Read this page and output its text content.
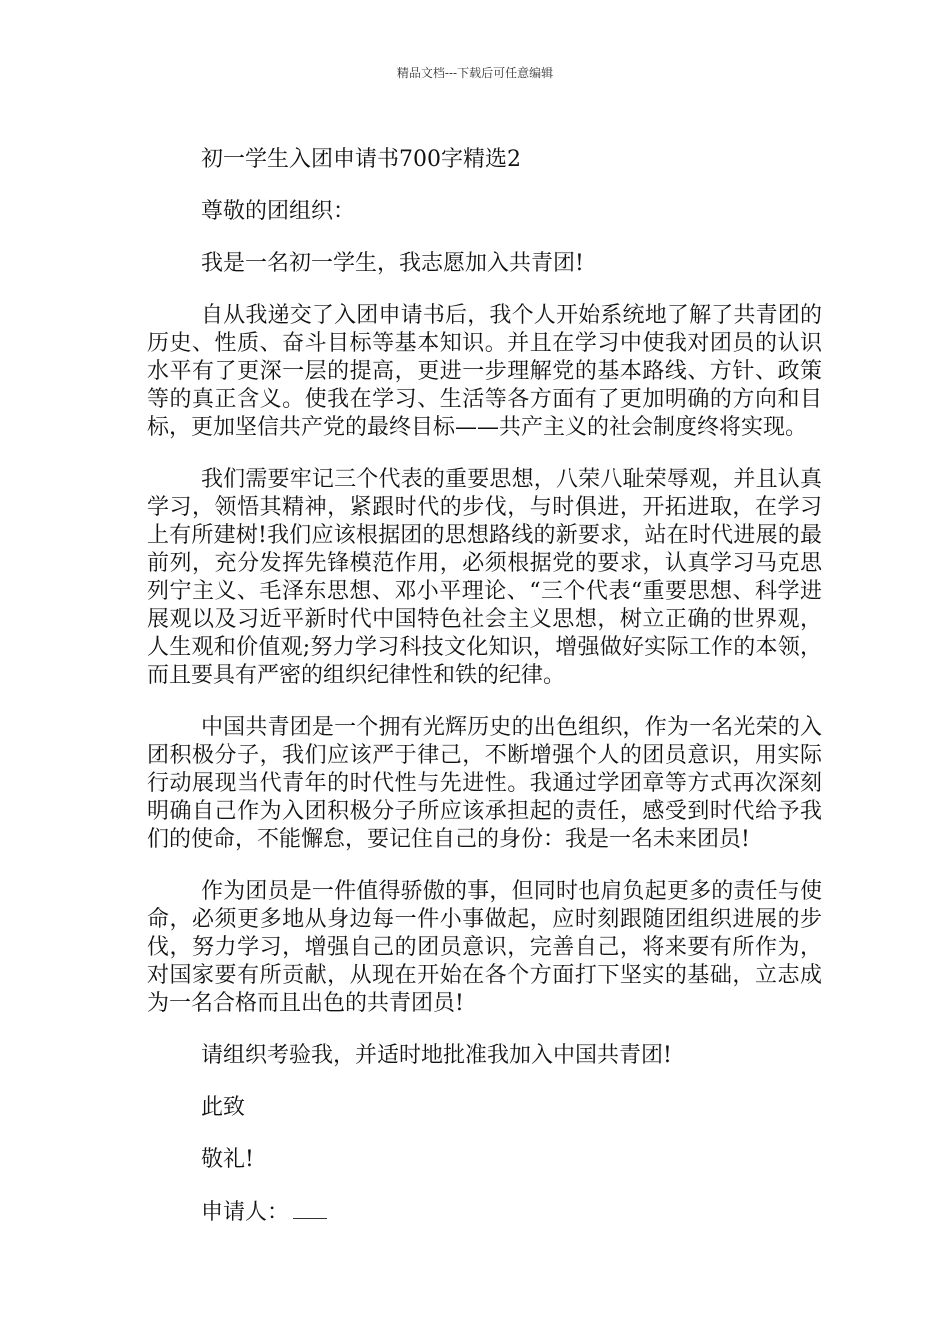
精品文档---下载后可任意编辑

初一学生入团申请书700字精选2

尊敬的团组织：

我是一名初一学生，我志愿加入共青团!

自从我递交了入团申请书后，我个人开始系统地了解了共青团的历史、性质、奋斗目标等基本知识。并且在学习中使我对团员的认识水平有了更深一层的提高，更进一步理解党的基本路线、方针、政策等的真正含义。使我在学习、生活等各方面有了更加明确的方向和目标，更加坚信共产党的最终目标——共产主义的社会制度终将实现。

我们需要牢记三个代表的重要思想，八荣八耻荣辱观，并且认真学习，领悟其精神，紧跟时代的步伐，与时俱进，开拓进取，在学习上有所建树!我们应该根据团的思想路线的新要求，站在时代进展的最前列，充分发挥先锋模范作用，必须根据党的要求，认真学习马克思列宁主义、毛泽东思想、邓小平理论、“三个代表“重要思想、科学进展观以及习近平新时代中国特色社会主义思想，树立正确的世界观，人生观和价值观;努力学习科技文化知识，增强做好实际工作的本领，而且要具有严密的组织纪律性和铁的纪律。

中国共青团是一个拥有光辉历史的出色组织，作为一名光荣的入团积极分子，我们应该严于律己，不断增强个人的团员意识，用实际行动展现当代青年的时代性与先进性。我通过学团章等方式再次深刻明确自己作为入团积极分子所应该承担起的责任，感受到时代给予我们的使命，不能懈怠，要记住自己的身份：我是一名未来团员!

作为团员是一件值得骄傲的事，但同时也肩负起更多的责任与使命，必须更多地从身边每一件小事做起，应时刻跟随团组织进展的步伐，努力学习，增强自己的团员意识，完善自己，将来要有所作为，对国家要有所贡献，从现在开始在各个方面打下坚实的基础，立志成为一名合格而且出色的共青团员!

请组织考验我，并适时地批准我加入中国共青团!

此致

敬礼!

申请人：
